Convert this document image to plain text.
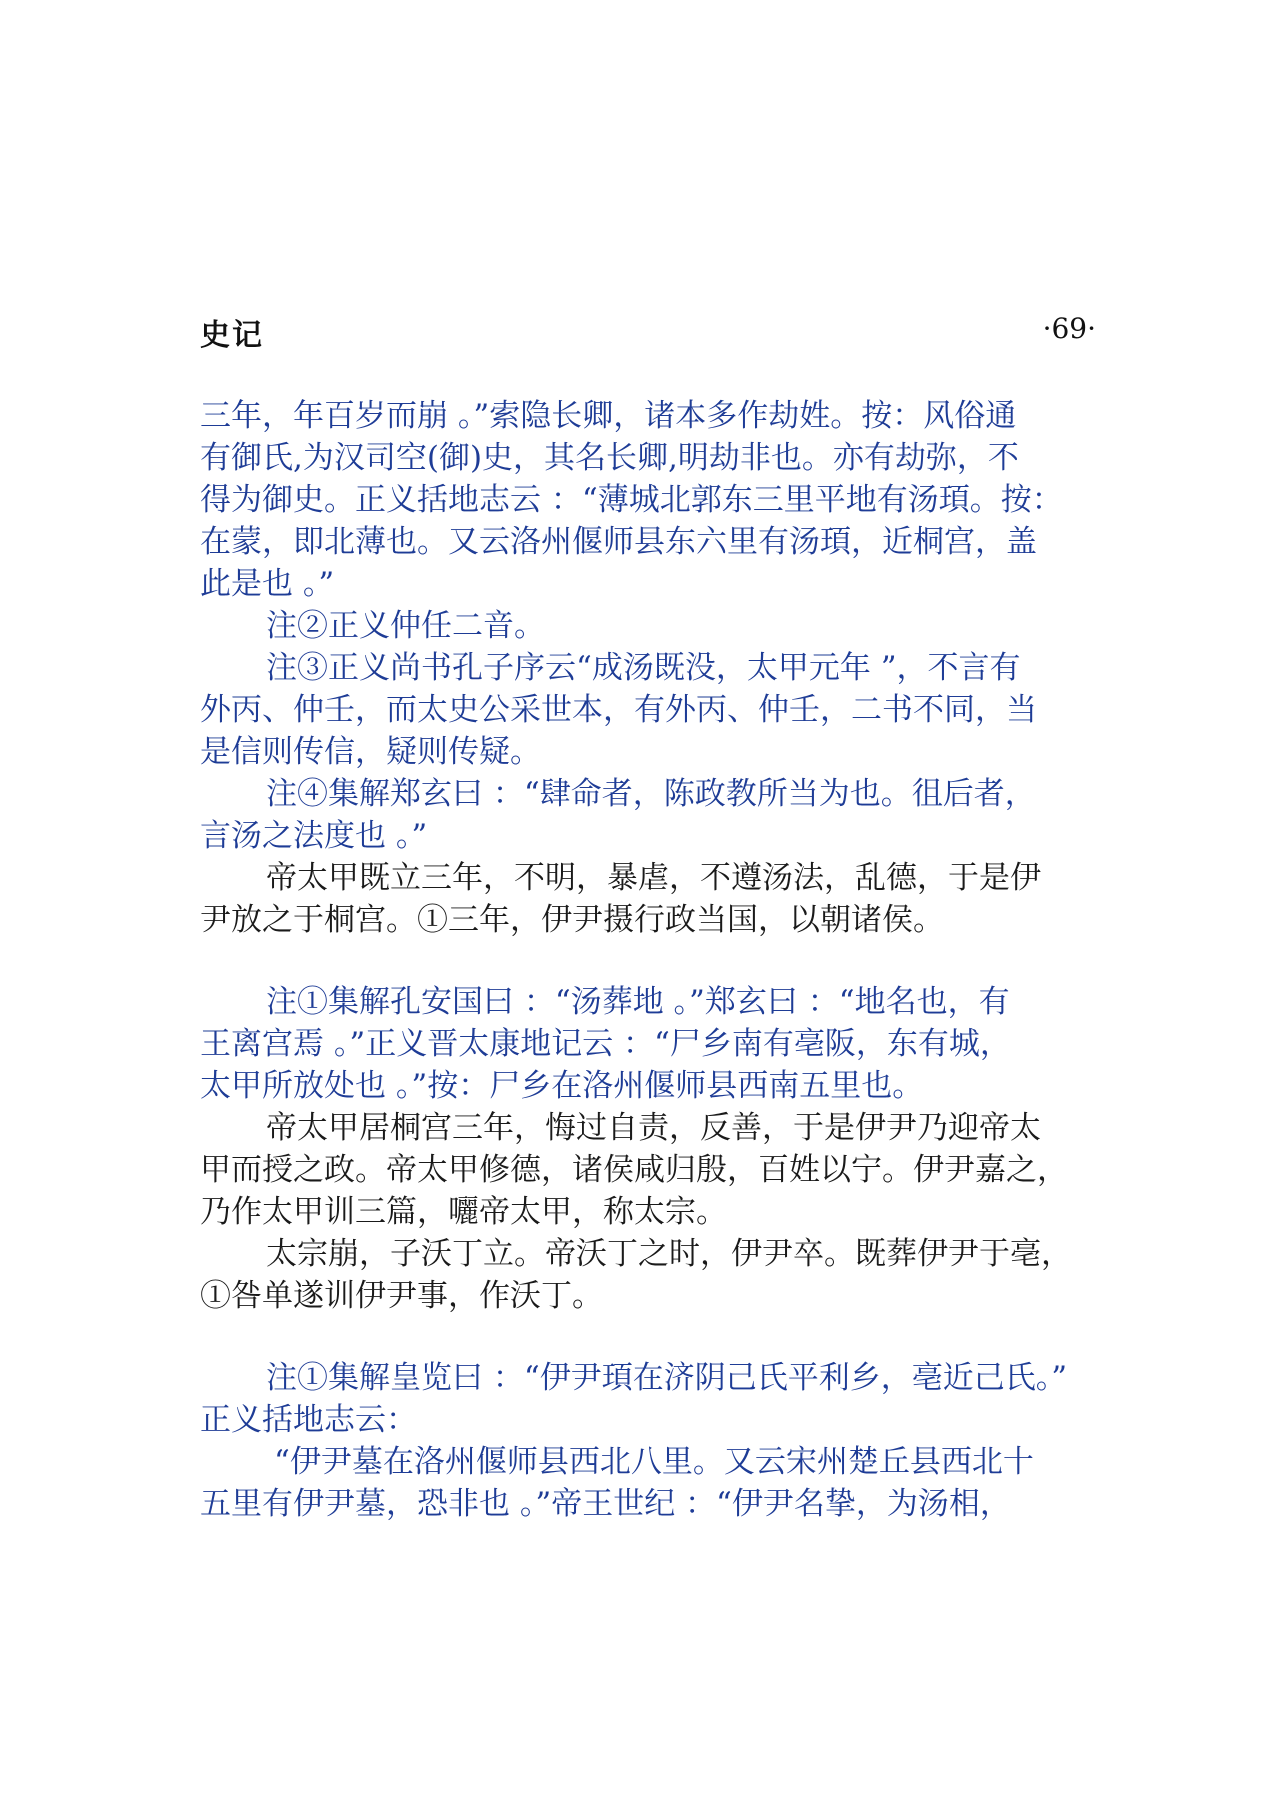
史记	·69·
三年，年百岁而崩 。”索隐长卿，诸本多作劫姓。按：风俗通
有御氏,为汉司空(御)史，其名长卿,明劫非也。亦有劫弥，不
得为御史。正义括地志云 ：“薄城北郭东三里平地有汤頊。按：
在蒙，即北薄也。又云洛州偃师县东六里有汤頊，近桐宫，盖
此是也 。”
注②正义仲任二音。
注③正义尚书孔子序云“成汤既没，太甲元年 ”，不言有
外丙、仲壬，而太史公采世本，有外丙、仲壬，二书不同，当
是信则传信，疑则传疑。
注④集解郑玄曰 ：“肆命者，陈政教所当为也。徂后者，
言汤之法度也 。”
帝太甲既立三年，不明，暴虐，不遵汤法，乱德，于是伊
尹放之于桐宫。①三年，伊尹摄行政当国，以朝诸侯。
注①集解孔安国曰 ：“汤葬地 。”郑玄曰 ：“地名也，有
王离宫焉 。”正义晋太康地记云 ：“尸乡南有亳阪，东有城，
太甲所放处也 。”按：尸乡在洛州偃师县西南五里也。
帝太甲居桐宫三年，悔过自责，反善，于是伊尹乃迎帝太
甲而授之政。帝太甲修德，诸侯咸归殷，百姓以宁。伊尹嘉之，
乃作太甲训三篇，囇帝太甲，称太宗。
太宗崩，子沃丁立。帝沃丁之时，伊尹卒。既葬伊尹于亳，
①咎单遂训伊尹事，作沃丁。
注①集解皇览曰 ：“伊尹頊在济阴己氏平利乡，亳近己氏。”
正义括地志云：
“伊尹墓在洛州偃师县西北八里。又云宋州楚丘县西北十
五里有伊尹墓，恐非也 。”帝王世纪 ：“伊尹名挚，为汤相，
